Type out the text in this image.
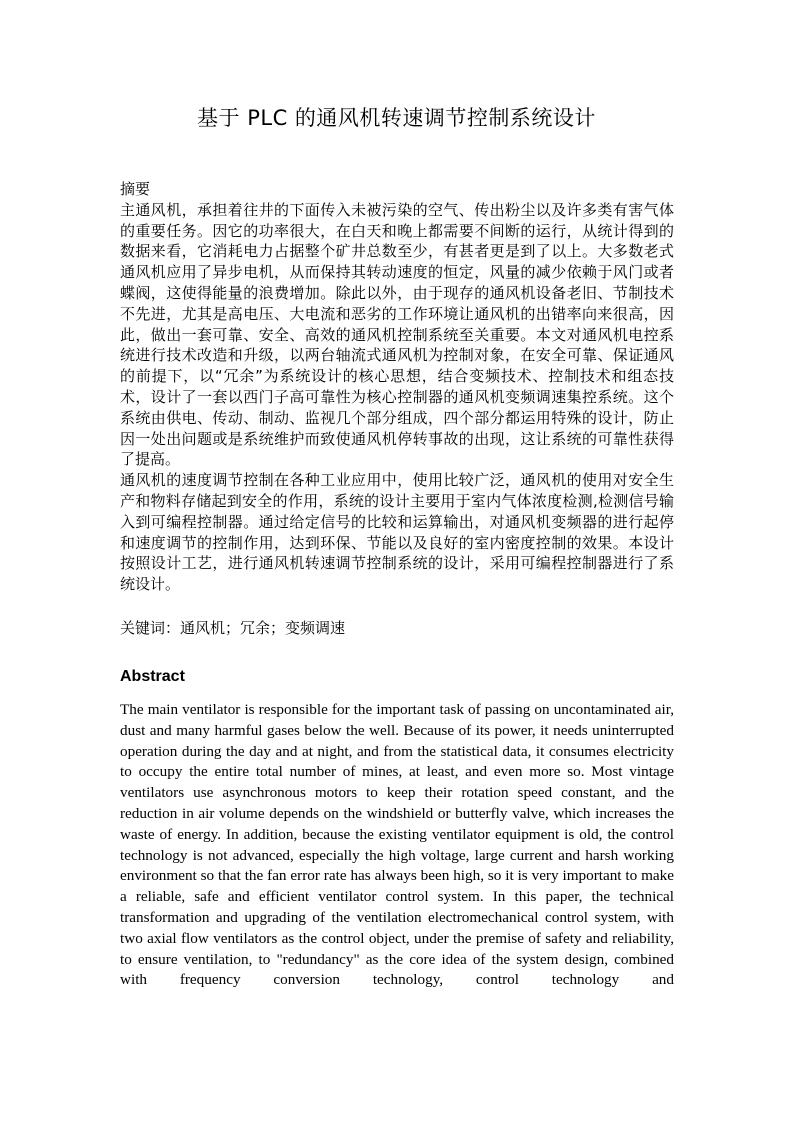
基于 PLC 的通风机转速调节控制系统设计

摘要

主通风机，承担着往井的下面传入未被污染的空气、传出粉尘以及许多类有害气体的重要任务。因它的功率很大，在白天和晚上都需要不间断的运行，从统计得到的数据来看，它消耗电力占据整个矿井总数至少，有甚者更是到了以上。大多数老式通风机应用了异步电机，从而保持其转动速度的恒定，风量的减少依赖于风门或者蝶阀，这使得能量的浪费增加。除此以外，由于现存的通风机设备老旧、节制技术不先进，尤其是高电压、大电流和恶劣的工作环境让通风机的出错率向来很高，因此，做出一套可靠、安全、高效的通风机控制系统至关重要。本文对通风机电控系统进行技术改造和升级，以两台轴流式通风机为控制对象，在安全可靠、保证通风的前提下，以“冗余”为系统设计的核心思想，结合变频技术、控制技术和组态技术，设计了一套以西门子高可靠性为核心控制器的通风机变频调速集控系统。这个系统由供电、传动、制动、监视几个部分组成，四个部分都运用特殊的设计，防止因一处出问题或是系统维护而致使通风机停转事故的出现，这让系统的可靠性获得了提高。

通风机的速度调节控制在各种工业应用中，使用比较广泛，通风机的使用对安全生产和物料存储起到安全的作用，系统的设计主要用于室内气体浓度检测,检测信号输入到可编程控制器。通过给定信号的比较和运算输出，对通风机变频器的进行起停和速度调节的控制作用，达到环保、节能以及良好的室内密度控制的效果。本设计按照设计工艺，进行通风机转速调节控制系统的设计，采用可编程控制器进行了系统设计。

关键词：通风机；冗余；变频调速
Abstract

The main ventilator is responsible for the important task of passing on uncontaminated air, dust and many harmful gases below the well. Because of its power, it needs uninterrupted operation during the day and at night, and from the statistical data, it consumes electricity to occupy the entire total number of mines, at least, and even more so. Most vintage ventilators use asynchronous motors to keep their rotation speed constant, and the reduction in air volume depends on the windshield or butterfly valve, which increases the waste of energy. In addition, because the existing ventilator equipment is old, the control technology is not advanced, especially the high voltage, large current and harsh working environment so that the fan error rate has always been high, so it is very important to make a reliable, safe and efficient ventilator control system. In this paper, the technical transformation and upgrading of the ventilation electromechanical control system, with two axial flow ventilators as the control object, under the premise of safety and reliability, to ensure ventilation, to "redundancy" as the core idea of the system design, combined with frequency conversion technology, control technology and
